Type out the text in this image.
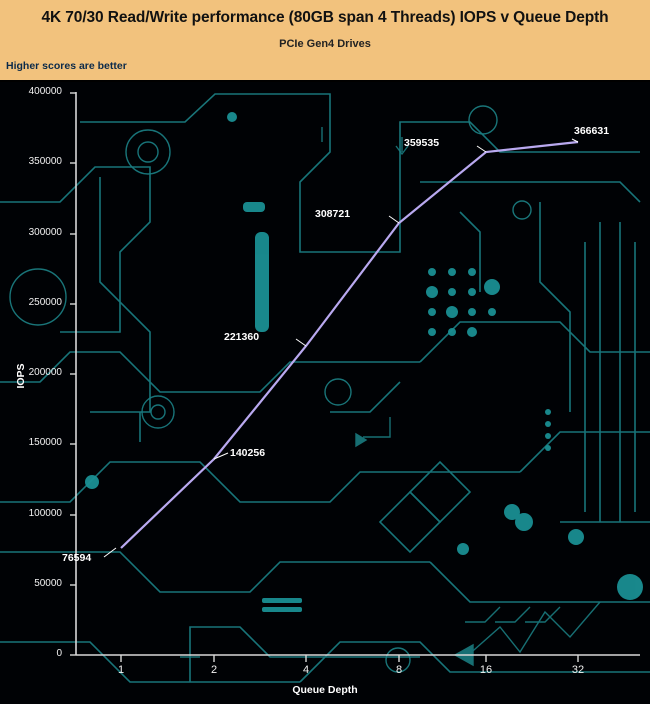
4K 70/30 Read/Write performance (80GB span 4 Threads) IOPS v Queue Depth
PCIe Gen4 Drives
Higher scores are better
0
50000
100000
150000
200000
250000
300000
350000
400000
1	2	4	8	16	32
IOPS
Queue Depth
76594
140256
221360
308721
359535
366631
